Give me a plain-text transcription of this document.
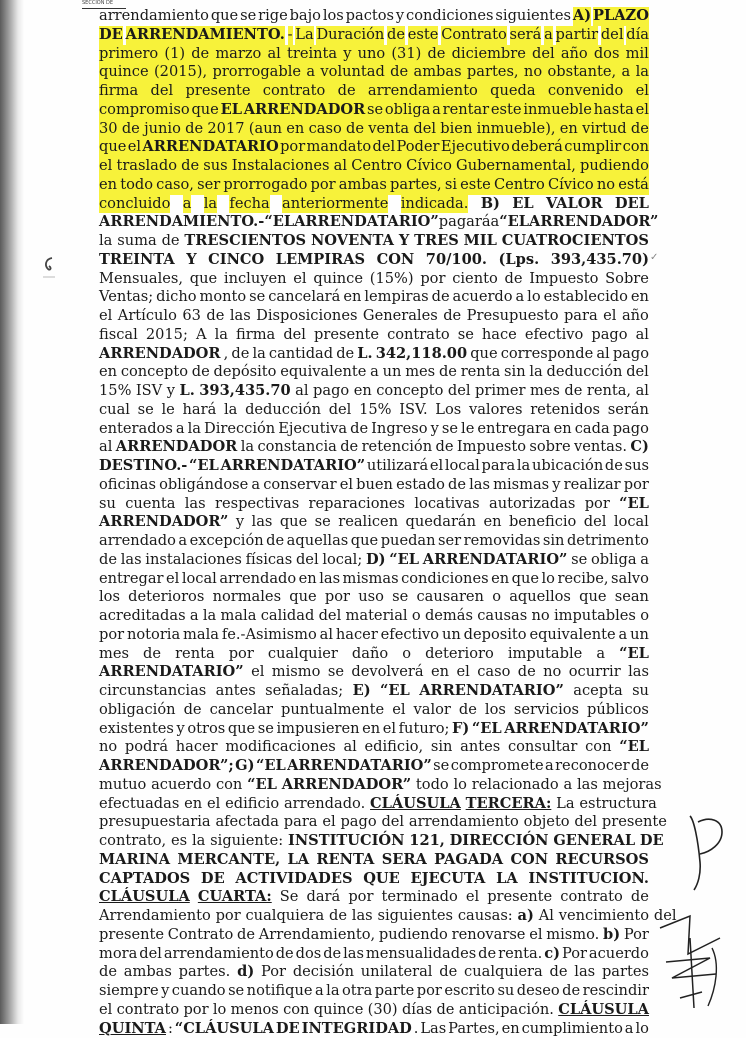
SECCIÓN DE
arrendamiento que se rige bajo los pactos y condiciones siguientes A) PLAZO
DE ARRENDAMIENTO. - La Duración de este Contrato será a partir del día
primero (1) de marzo al treinta y uno (31) de diciembre del año dos mil
quince (2015), prorrogable a voluntad de ambas partes, no obstante, a la
firma del presente contrato de arrendamiento queda convenido el
compromiso que EL ARRENDADOR se obliga a rentar este inmueble hasta el
30 de junio de 2017 (aun en caso de venta del bien inmueble), en virtud de
que el ARRENDATARIO por mandato del Poder Ejecutivo deberá cumplir con
el traslado de sus Instalaciones al Centro Cívico Gubernamental, pudiendo
en todo caso, ser prorrogado por ambas partes, si este Centro Cívico no está
concluido a la fecha anteriormente indicada. B) EL VALOR DEL
ARRENDAMIENTO.- “EL ARRENDATARIO” pagará a “EL ARRENDADOR”
la suma de TRESCIENTOS NOVENTA Y TRES MIL CUATROCIENTOS
TREINTA Y CINCO LEMPIRAS CON 70/100. (Lps. 393,435.70)
Mensuales, que incluyen el quince (15%) por ciento de Impuesto Sobre
Ventas; dicho monto se cancelará en lempiras de acuerdo a lo establecido en
el Artículo 63 de las Disposiciones Generales de Presupuesto para el año
fiscal 2015; A la firma del presente contrato se hace efectivo pago al
ARRENDADOR , de la cantidad de L. 342,118.00 que corresponde al pago
en concepto de depósito equivalente a un mes de renta sin la deducción del
15% ISV y L. 393,435.70 al pago en concepto del primer mes de renta, al
cual se le hará la deducción del 15% ISV. Los valores retenidos serán
enterados a la Dirección Ejecutiva de Ingreso y se le entregara en cada pago
al ARRENDADOR la constancia de retención de Impuesto sobre ventas. C)
DESTINO.- “EL ARRENDATARIO” utilizará el local para la ubicación de sus
oficinas obligándose a conservar el buen estado de las mismas y realizar por
su cuenta las respectivas reparaciones locativas autorizadas por “EL
ARRENDADOR” y las que se realicen quedarán en beneficio del local
arrendado a excepción de aquellas que puedan ser removidas sin detrimento
de las instalaciones físicas del local; D) “EL ARRENDATARIO” se obliga a
entregar el local arrendado en las mismas condiciones en que lo recibe, salvo
los deterioros normales que por uso se causaren o aquellos que sean
acreditadas a la mala calidad del material o demás causas no imputables o
por notoria mala fe.-Asimismo al hacer efectivo un deposito equivalente a un
mes de renta por cualquier daño o deterioro imputable a “EL
ARRENDATARIO” el mismo se devolverá en el caso de no ocurrir las
circunstancias antes señaladas; E) “EL ARRENDATARIO” acepta su
obligación de cancelar puntualmente el valor de los servicios públicos
existentes y otros que se impusieren en el futuro; F) “EL ARRENDATARIO”
no podrá hacer modificaciones al edificio, sin antes consultar con “EL
ARRENDADOR”; G) “EL ARRENDATARIO” se compromete a reconocer de
mutuo acuerdo con “EL ARRENDADOR” todo lo relacionado a las mejoras
efectuadas en el edificio arrendado. CLÁUSULA TERCERA: La estructura
presupuestaria afectada para el pago del arrendamiento objeto del presente
contrato, es la siguiente: INSTITUCIÓN 121, DIRECCIÓN GENERAL DE
MARINA MERCANTE, LA RENTA SERA PAGADA CON RECURSOS
CAPTADOS DE ACTIVIDADES QUE EJECUTA LA INSTITUCION.
CLÁUSULA CUARTA: Se dará por terminado el presente contrato de
Arrendamiento por cualquiera de las siguientes causas: a) Al vencimiento del
presente Contrato de Arrendamiento, pudiendo renovarse el mismo. b) Por
mora del arrendamiento de dos de las mensualidades de renta. c) Por acuerdo
de ambas partes. d) Por decisión unilateral de cualquiera de las partes
siempre y cuando se notifique a la otra parte por escrito su deseo de rescindir
el contrato por lo menos con quince (30) días de anticipación. CLÁUSULA
QUINTA : “CLÁUSULA DE INTEGRIDAD . Las Partes, en cumplimiento a lo
✓
